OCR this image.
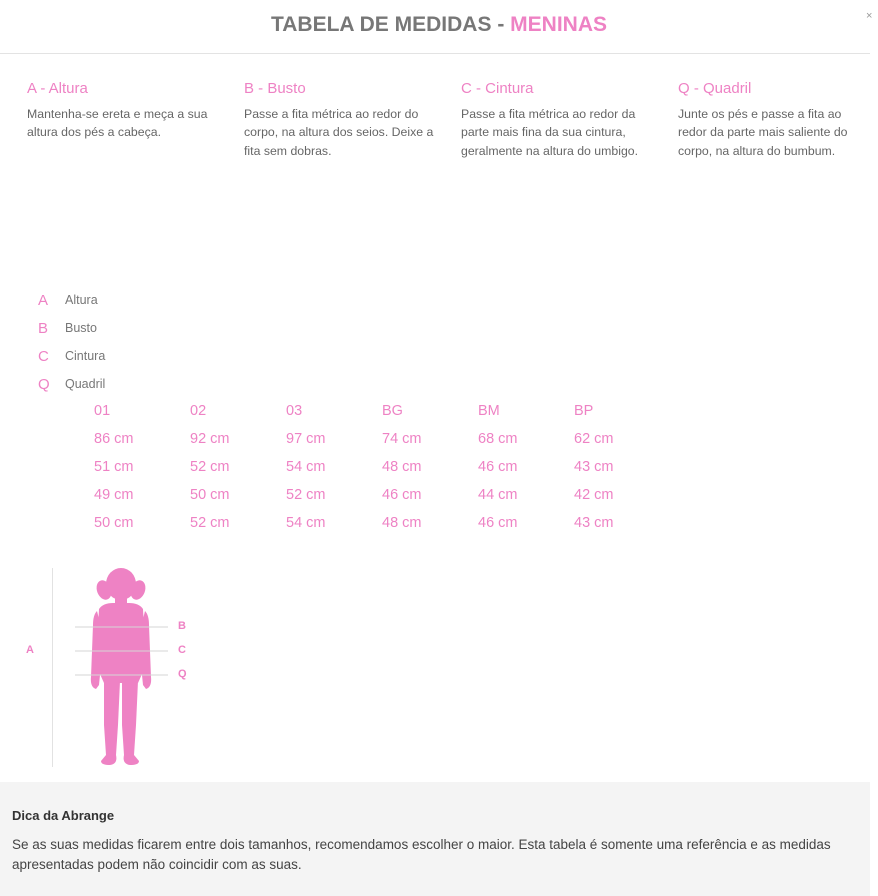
TABELA DE MEDIDAS - MENINAS	×
A - Altura

Mantenha-se ereta e meça a sua altura dos pés a cabeça.

B - Busto

Passe a fita métrica ao redor do corpo, na altura dos seios. Deixe a fita sem dobras.

C - Cintura

Passe a fita métrica ao redor da parte mais fina da sua cintura, geralmente na altura do umbigo.

Q - Quadril

Junte os pés e passe a fita ao redor da parte mais saliente do corpo, na altura do bumbum.

A	Altura
B	Busto
C	Cintura
Q	Quadril
01	02	03	BG	BM	BP
86 cm	92 cm	97 cm	74 cm	68 cm	62 cm
51 cm	52 cm	54 cm	48 cm	46 cm	43 cm
49 cm	50 cm	52 cm	46 cm	44 cm	42 cm
50 cm	52 cm	54 cm	48 cm	46 cm	43 cm
A
B
C
Q
Dica da Abrange

Se as suas medidas ficarem entre dois tamanhos, recomendamos escolher o maior. Esta tabela é somente uma referência e as medidas apresentadas podem não coincidir com as suas.
